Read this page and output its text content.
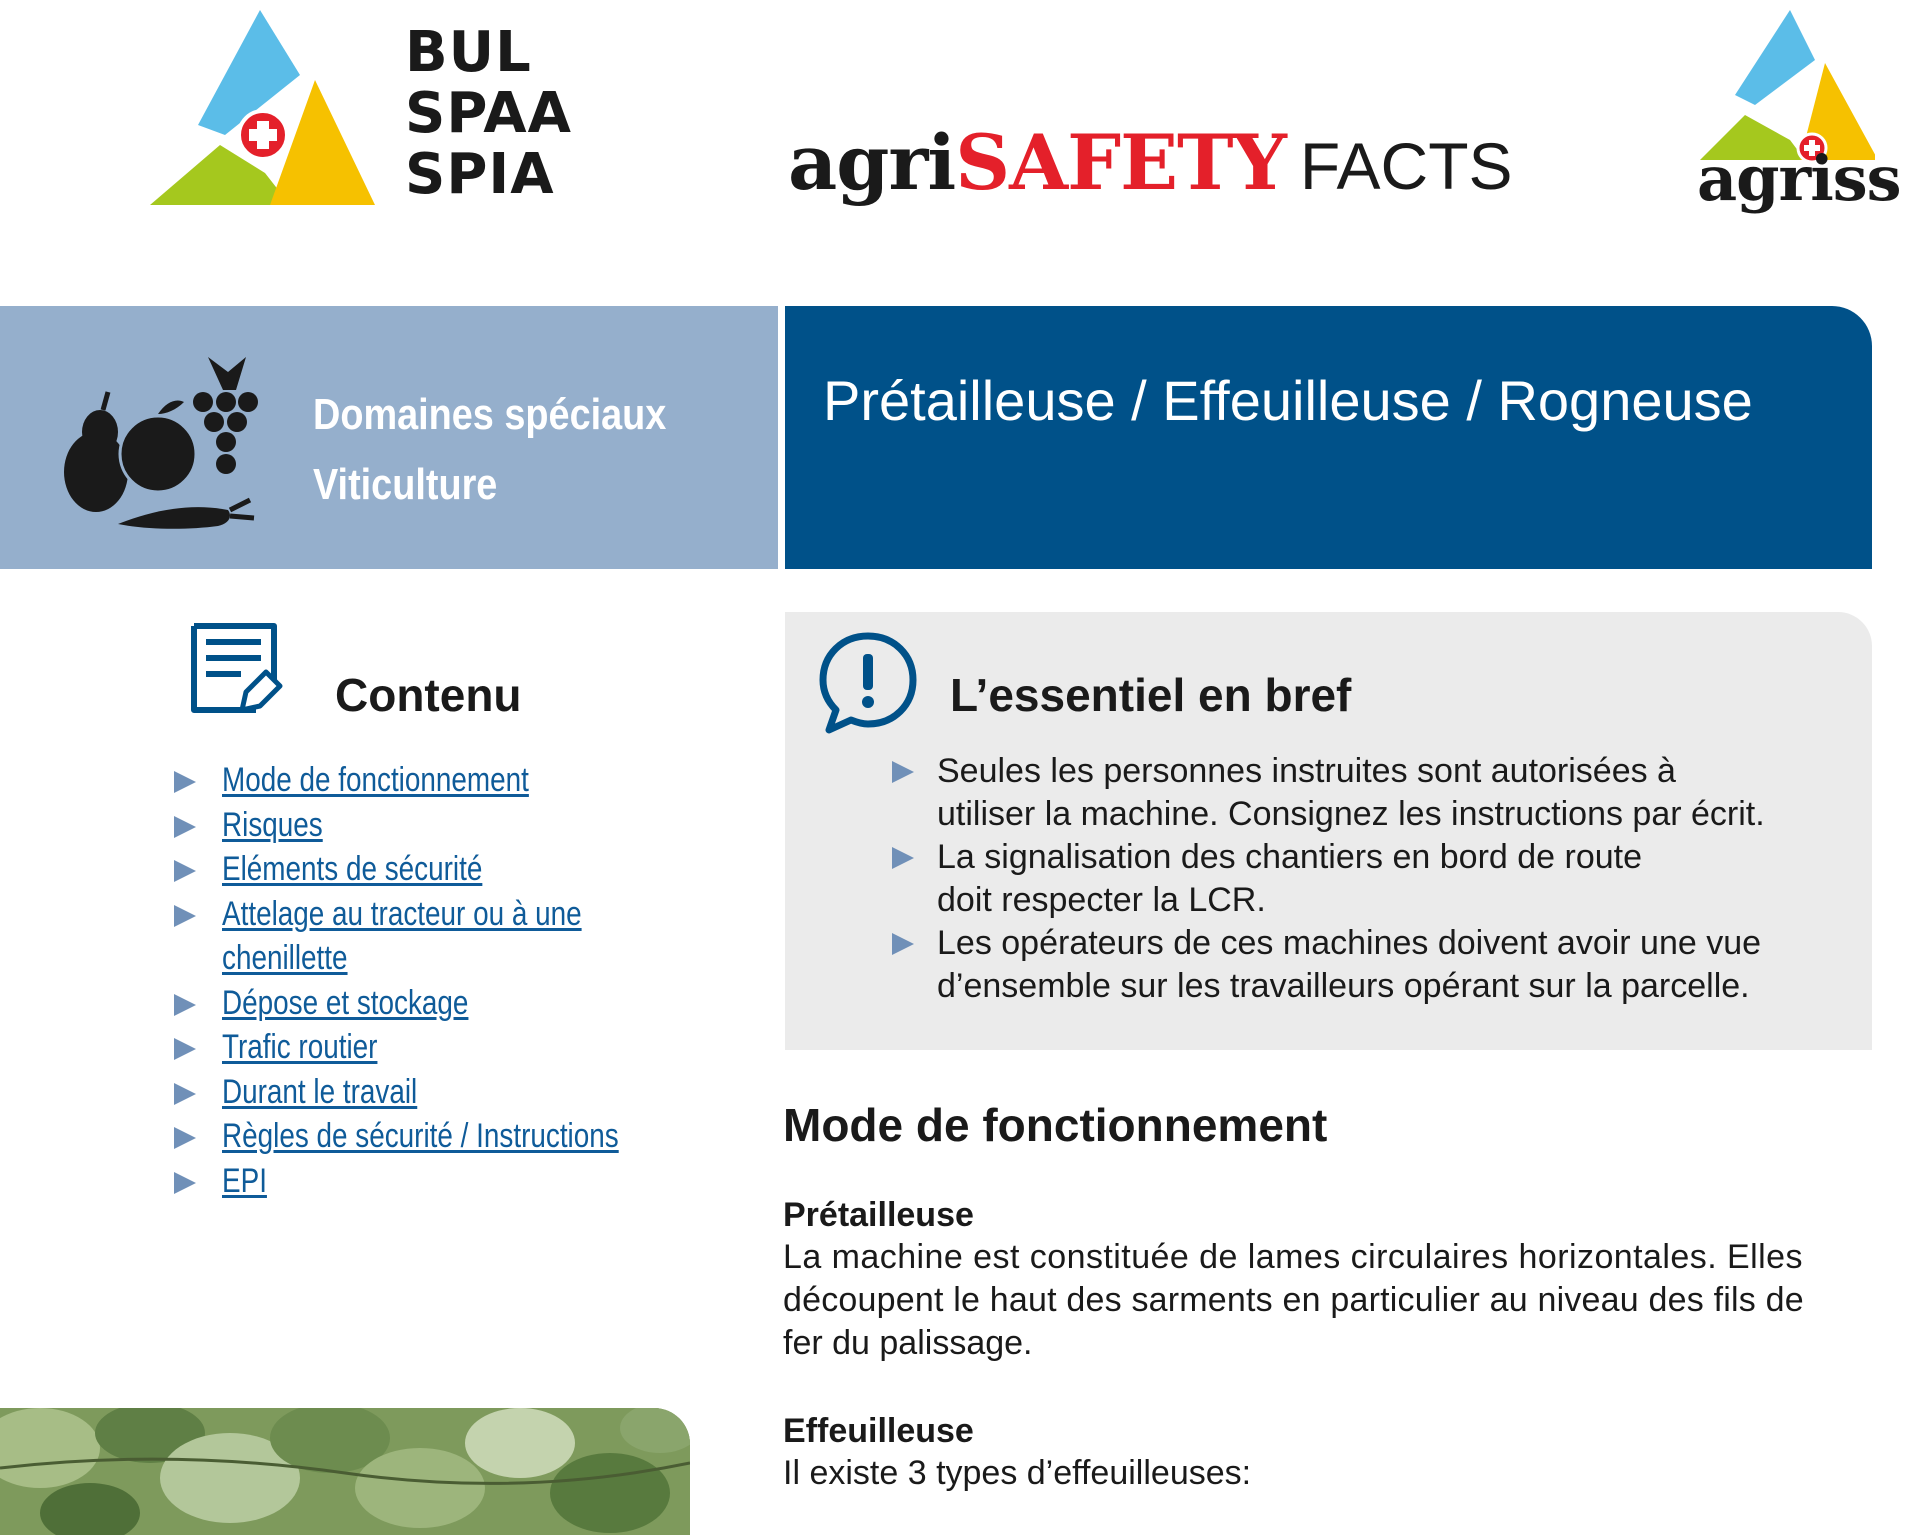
BUL
SPAA
SPIA	agriSAFETY FACTS	agriss
Domaines spéciaux
Viticulture
Prétailleuse / Effeuilleuse / Rogneuse
Contenu
Mode de fonctionnement
Risques
Eléments de sécurité
Attelage au tracteur ou à une
chenillette
Dépose et stockage
Trafic routier
Durant le travail
Règles de sécurité / Instructions
EPI
L’essentiel en bref
Seules les personnes instruites sont autorisées à
utiliser la machine. Consignez les instructions par écrit.
La signalisation des chantiers en bord de route
doit respecter la LCR.
Les opérateurs de ces machines doivent avoir une vue
d’ensemble sur les travailleurs opérant sur la parcelle.
Mode de fonctionnement
Prétailleuse
La machine est constituée de lames circulaires horizontales. Elles
découpent le haut des sarments en particulier au niveau des fils de
fer du palissage.
Effeuilleuse
Il existe 3 types d’effeuilleuses:
